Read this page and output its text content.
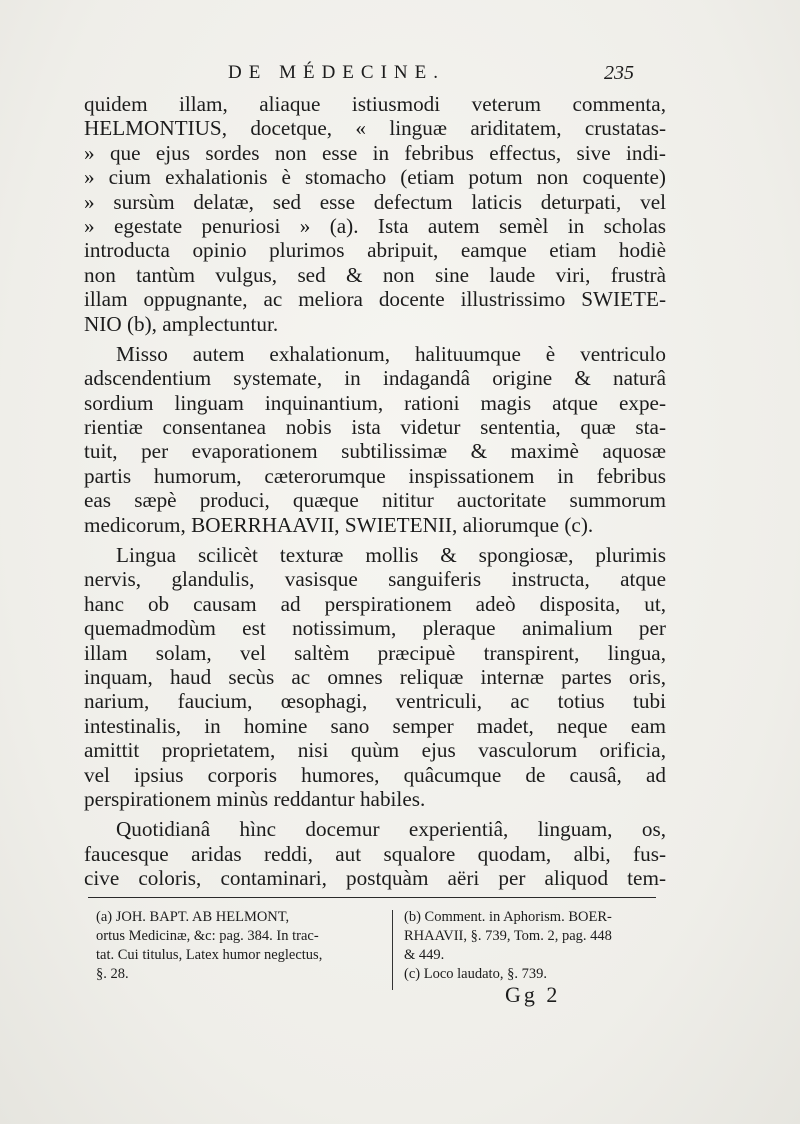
DE MÉDECINE.	235
quidem illam, aliaque istiusmodi veterum commenta,
HELMONTIUS, docetque, « linguæ ariditatem, crustatas-
» que ejus sordes non esse in febribus effectus, sive indi-
» cium exhalationis è stomacho (etiam potum non coquente)
» sursùm delatæ, sed esse defectum laticis deturpati, vel
» egestate penuriosi » (a). Ista autem semèl in scholas
introducta opinio plurimos abripuit, eamque etiam hodiè
non tantùm vulgus, sed & non sine laude viri, frustrà
illam oppugnante, ac meliora docente illustrissimo SWIETE-
NIO (b), amplectuntur.
Misso autem exhalationum, halituumque è ventriculo
adscendentium systemate, in indagandâ origine & naturâ
sordium linguam inquinantium, rationi magis atque expe-
rientiæ consentanea nobis ista videtur sententia, quæ sta-
tuit, per evaporationem subtilissimæ & maximè aquosæ
partis humorum, cæterorumque inspissationem in febribus
eas sæpè produci, quæque nititur auctoritate summorum
medicorum, BOERRHAAVII, SWIETENII, aliorumque (c).
Lingua scilicèt texturæ mollis & spongiosæ, plurimis
nervis, glandulis, vasisque sanguiferis instructa, atque
hanc ob causam ad perspirationem adeò disposita, ut,
quemadmodùm est notissimum, pleraque animalium per
illam solam, vel saltèm præcipuè transpirent, lingua,
inquam, haud secùs ac omnes reliquæ internæ partes oris,
narium, faucium, œsophagi, ventriculi, ac totius tubi
intestinalis, in homine sano semper madet, neque eam
amittit proprietatem, nisi quùm ejus vasculorum orificia,
vel ipsius corporis humores, quâcumque de causâ, ad
perspirationem minùs reddantur habiles.
Quotidianâ hìnc docemur experientiâ, linguam, os,
faucesque aridas reddi, aut squalore quodam, albi, fus-
cive coloris, contaminari, postquàm aëri per aliquod tem-
(a) JOH. BAPT. AB HELMONT,
ortus Medicinæ, &c: pag. 384. In trac-
tat. Cui titulus, Latex humor neglectus,
§. 28.
(b) Comment. in Aphorism. BOER-
RHAAVII, §. 739, Tom. 2, pag. 448
& 449.
(c) Loco laudato, §. 739.
Gg 2
